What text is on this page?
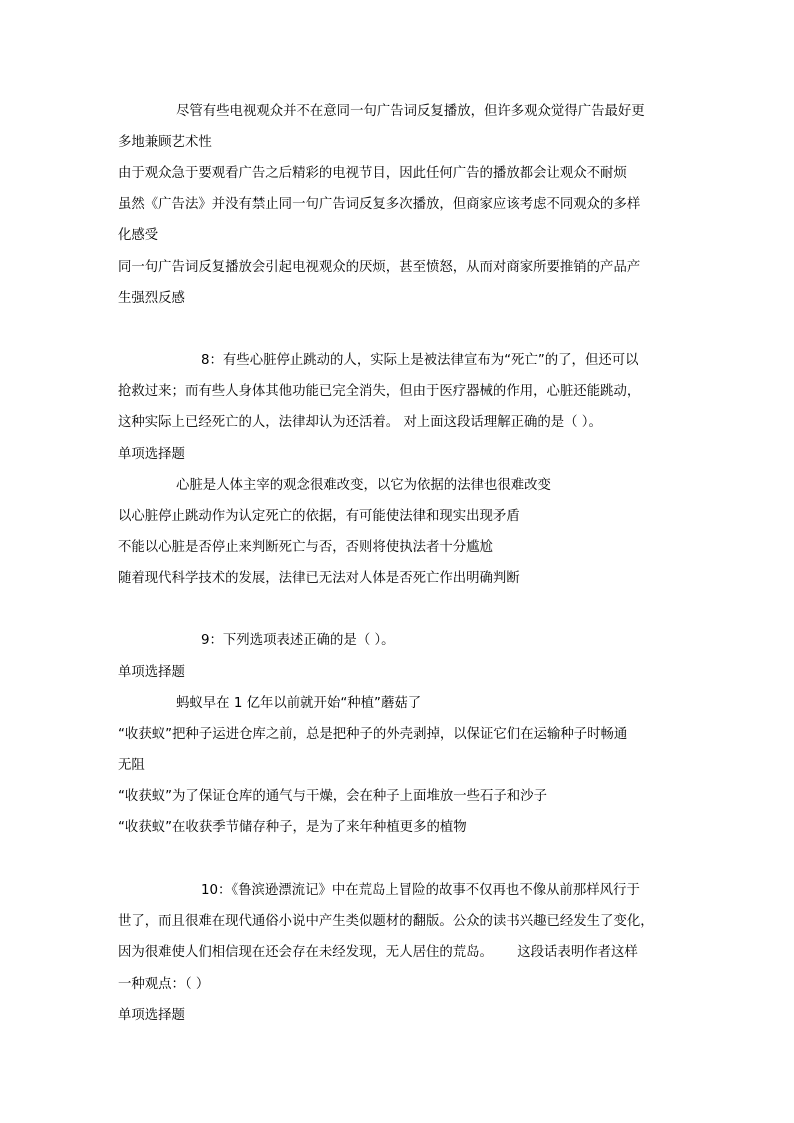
尽管有些电视观众并不在意同一句广告词反复播放，但许多观众觉得广告最好更
多地兼顾艺术性
由于观众急于要观看广告之后精彩的电视节目，因此任何广告的播放都会让观众不耐烦
虽然《广告法》并没有禁止同一句广告词反复多次播放，但商家应该考虑不同观众的多样
化感受
同一句广告词反复播放会引起电视观众的厌烦，甚至愤怒，从而对商家所要推销的产品产
生强烈反感
8：有些心脏停止跳动的人，实际上是被法律宣布为“死亡”的了，但还可以
抢救过来；而有些人身体其他功能已完全消失，但由于医疗器械的作用，心脏还能跳动，
这种实际上已经死亡的人，法律却认为还活着。 对上面这段话理解正确的是（ ）。
单项选择题
心脏是人体主宰的观念很难改变，以它为依据的法律也很难改变
以心脏停止跳动作为认定死亡的依据，有可能使法律和现实出现矛盾
不能以心脏是否停止来判断死亡与否，否则将使执法者十分尴尬
随着现代科学技术的发展，法律已无法对人体是否死亡作出明确判断
9：下列选项表述正确的是（ ）。
单项选择题
蚂蚁早在 1 亿年以前就开始“种植”蘑菇了
“收获蚁”把种子运进仓库之前，总是把种子的外壳剥掉，以保证它们在运输种子时畅通
无阻
“收获蚁”为了保证仓库的通气与干燥，会在种子上面堆放一些石子和沙子
“收获蚁”在收获季节储存种子，是为了来年种植更多的植物
10：《鲁滨逊漂流记》中在荒岛上冒险的故事不仅再也不像从前那样风行于
世了，而且很难在现代通俗小说中产生类似题材的翻版。公众的读书兴趣已经发生了变化，
因为很难使人们相信现在还会存在未经发现，无人居住的荒岛。　　 这段话表明作者这样
一种观点：（ ）
单项选择题
